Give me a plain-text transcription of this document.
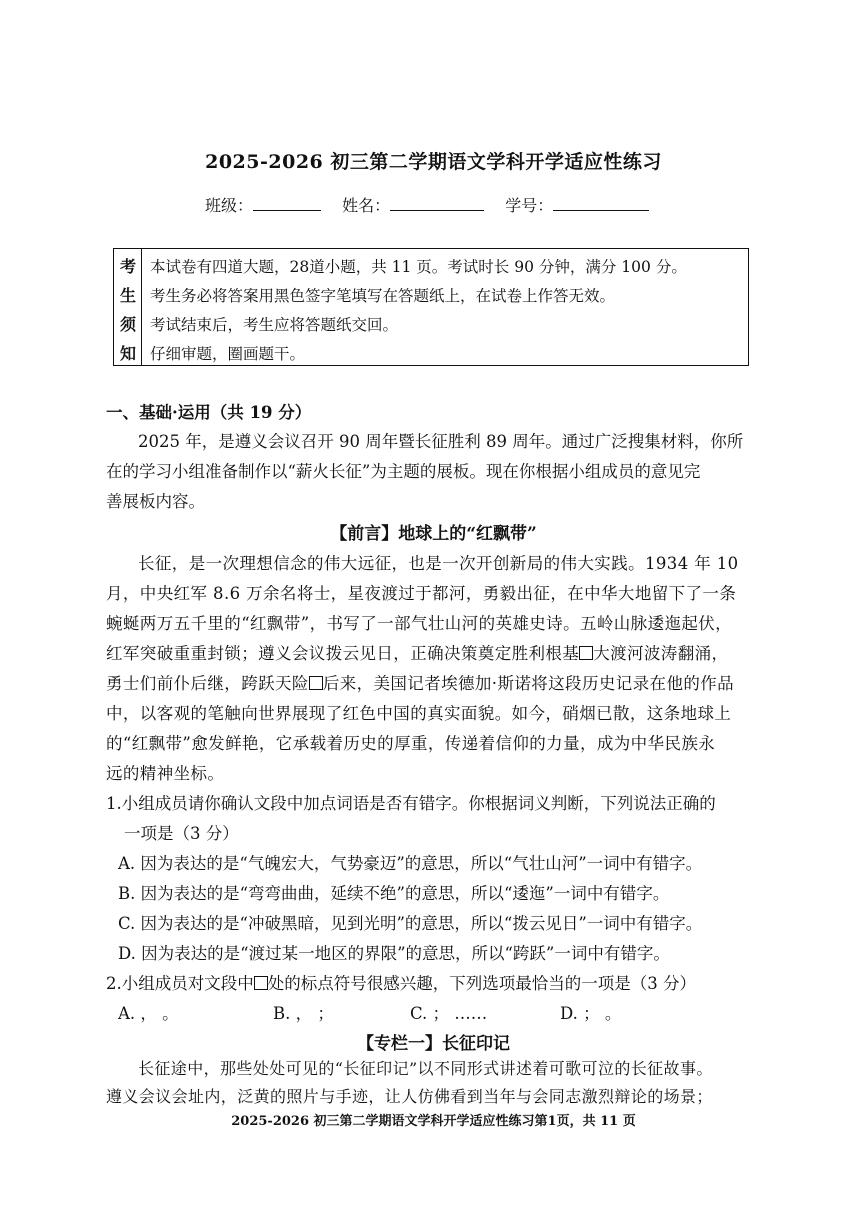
2025-2026 初三第二学期语文学科开学适应性练习
班级：	姓名：	学号：
考
生
须
知
本试卷有四道大题，28道小题，共 11 页。考试时长 90 分钟，满分 100 分。
考生务必将答案用黑色签字笔填写在答题纸上，在试卷上作答无效。
考试结束后，考生应将答题纸交回。
仔细审题，圈画题干。
一、基础·运用（共 19 分）
2025 年，是遵义会议召开 90 周年暨长征胜利 89 周年。通过广泛搜集材料，你所
在的学习小组准备制作以“薪火长征”为主题的展板。现在你根据小组成员的意见完
善展板内容。
【前言】地球上的“红飘带”
长征，是一次理想信念的伟大远征，也是一次开创新局的伟大实践。1934 年 10
月，中央红军 8.6 万余名将士，星夜渡过于都河，勇毅出征，在中华大地留下了一条
蜿蜒两万五千里的“红飘带”，书写了一部气壮山河的英雄史诗。五岭山脉逶迤起伏，
红军突破重重封锁；遵义会议拨云见日，正确决策奠定胜利根基 大渡河波涛翻涌，
勇士们前仆后继，跨跃天险 后来，美国记者埃德加·斯诺将这段历史记录在他的作品
中，以客观的笔触向世界展现了红色中国的真实面貌。如今，硝烟已散，这条地球上
的“红飘带”愈发鲜艳，它承载着历史的厚重，传递着信仰的力量，成为中华民族永
远的精神坐标。
1.小组成员请你确认文段中加点词语是否有错字。你根据词义判断，下列说法正确的
一项是（3 分）
A. 因为表达的是“气魄宏大，气势豪迈”的意思，所以“气壮山河”一词中有错字。
B. 因为表达的是“弯弯曲曲，延续不绝”的意思，所以“逶迤”一词中有错字。
C. 因为表达的是“冲破黑暗，见到光明”的意思，所以“拨云见日”一词中有错字。
D. 因为表达的是“渡过某一地区的界限”的意思，所以“跨跃”一词中有错字。
2.小组成员对文段中 处的标点符号很感兴趣，下列选项最恰当的一项是（3 分）
A. ， 。	B. ， ；	C. ； ……	D. ； 。
【专栏一】长征印记
长征途中，那些处处可见的“长征印记”以不同形式讲述着可歌可泣的长征故事。
遵义会议会址内，泛黄的照片与手迹，让人仿佛看到当年与会同志激烈辩论的场景；
2025-2026 初三第二学期语文学科开学适应性练习第1页，共 11 页
